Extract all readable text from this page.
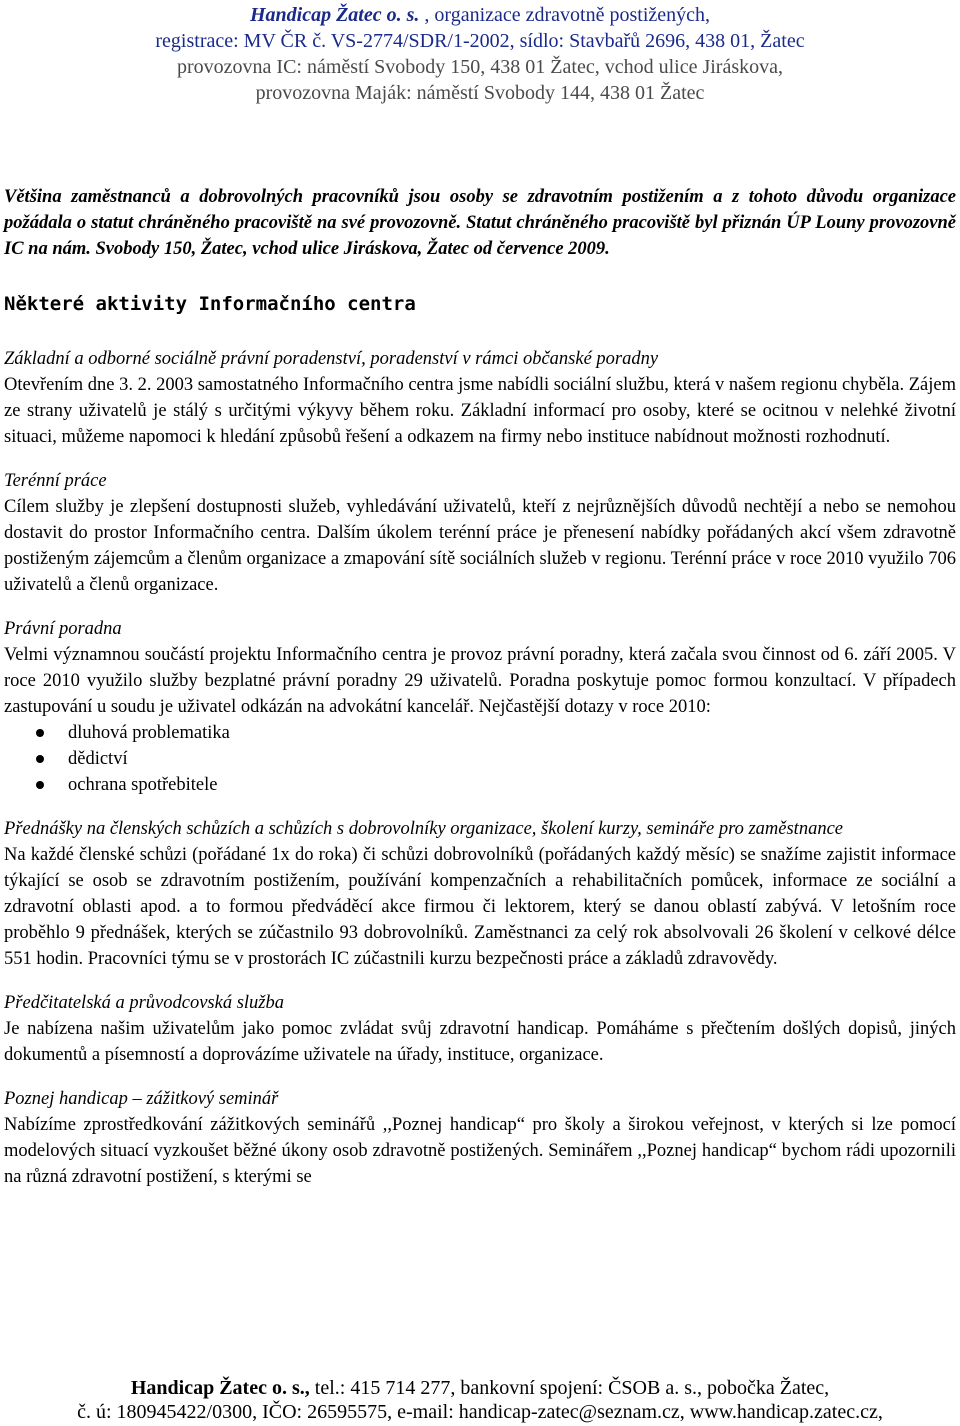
Handicap Žatec o. s. , organizace zdravotně postižených,
registrace: MV ČR č. VS-2774/SDR/1-2002, sídlo: Stavbařů 2696, 438 01, Žatec
provozovna IC: náměstí Svobody 150, 438 01 Žatec, vchod ulice Jiráskova,
provozovna Maják: náměstí Svobody 144, 438 01 Žatec

Většina zaměstnanců a dobrovolných pracovníků jsou osoby se zdravotním postižením a z tohoto důvodu organizace požádala o statut chráněného pracoviště na své provozovně. Statut chráněného pracoviště byl přiznán ÚP Louny provozovně IC na nám. Svobody 150, Žatec, vchod ulice Jiráskova, Žatec od července 2009.

Některé aktivity Informačního centra

Základní a odborné sociálně právní poradenství, poradenství v rámci občanské poradny

Otevřením dne 3. 2. 2003 samostatného Informačního centra jsme nabídli sociální službu, která v našem regionu chyběla. Zájem ze strany uživatelů je stálý s určitými výkyvy během roku. Základní informací pro osoby, které se ocitnou v nelehké životní situaci, můžeme napomoci k hledání způsobů řešení a odkazem na firmy nebo instituce nabídnout možnosti rozhodnutí.

Terénní práce

Cílem služby je zlepšení dostupnosti služeb, vyhledávání uživatelů, kteří z nejrůznějších důvodů nechtějí a nebo se nemohou dostavit do prostor Informačního centra. Dalším úkolem terénní práce je přenesení nabídky pořádaných akcí všem zdravotně postiženým zájemcům a členům organizace a zmapování sítě sociálních služeb v regionu. Terénní práce v roce 2010 využilo 706 uživatelů a členů organizace.

Právní poradna

Velmi významnou součástí projektu Informačního centra je provoz právní poradny, která začala svou činnost od 6. září 2005. V roce 2010 využilo služby bezplatné právní poradny 29 uživatelů. Poradna poskytuje pomoc formou konzultací. V případech zastupování u soudu je uživatel odkázán na advokátní kancelář. Nejčastější dotazy v roce 2010:

dluhová problematika
dědictví
ochrana spotřebitele

Přednášky na členských schůzích a schůzích s dobrovolníky organizace, školení kurzy, semináře pro zaměstnance

Na každé členské schůzi (pořádané 1x do roka) či schůzi dobrovolníků (pořádaných každý měsíc) se snažíme zajistit informace týkající se osob se zdravotním postižením, používání kompenzačních a rehabilitačních pomůcek, informace ze sociální a zdravotní oblasti apod. a to formou předváděcí akce firmou či lektorem, který se danou oblastí zabývá. V letošním roce proběhlo 9 přednášek, kterých se zúčastnilo 93 dobrovolníků. Zaměstnanci za celý rok absolvovali 26 školení v celkové délce 551 hodin. Pracovníci týmu se v prostorách IC zúčastnili kurzu bezpečnosti práce a základů zdravovědy.

Předčitatelská a průvodcovská služba

Je nabízena našim uživatelům jako pomoc zvládat svůj zdravotní handicap. Pomáháme s přečtením došlých dopisů, jiných dokumentů a písemností a doprovázíme uživatele na úřady, instituce, organizace.

Poznej handicap – zážitkový seminář

Nabízíme zprostředkování zážitkových seminářů ,,Poznej handicap“ pro školy a širokou veřejnost, v kterých si lze pomocí modelových situací vyzkoušet běžné úkony osob zdravotně postižených. Seminářem ,,Poznej handicap“ bychom rádi upozornili na různá zdravotní postižení, s kterými se

Handicap Žatec o. s., tel.: 415 714 277, bankovní spojení: ČSOB a. s., pobočka Žatec,
č. ú: 180945422/0300, IČO: 26595575, e-mail: handicap-zatec@seznam.cz, www.handicap.zatec.cz,
